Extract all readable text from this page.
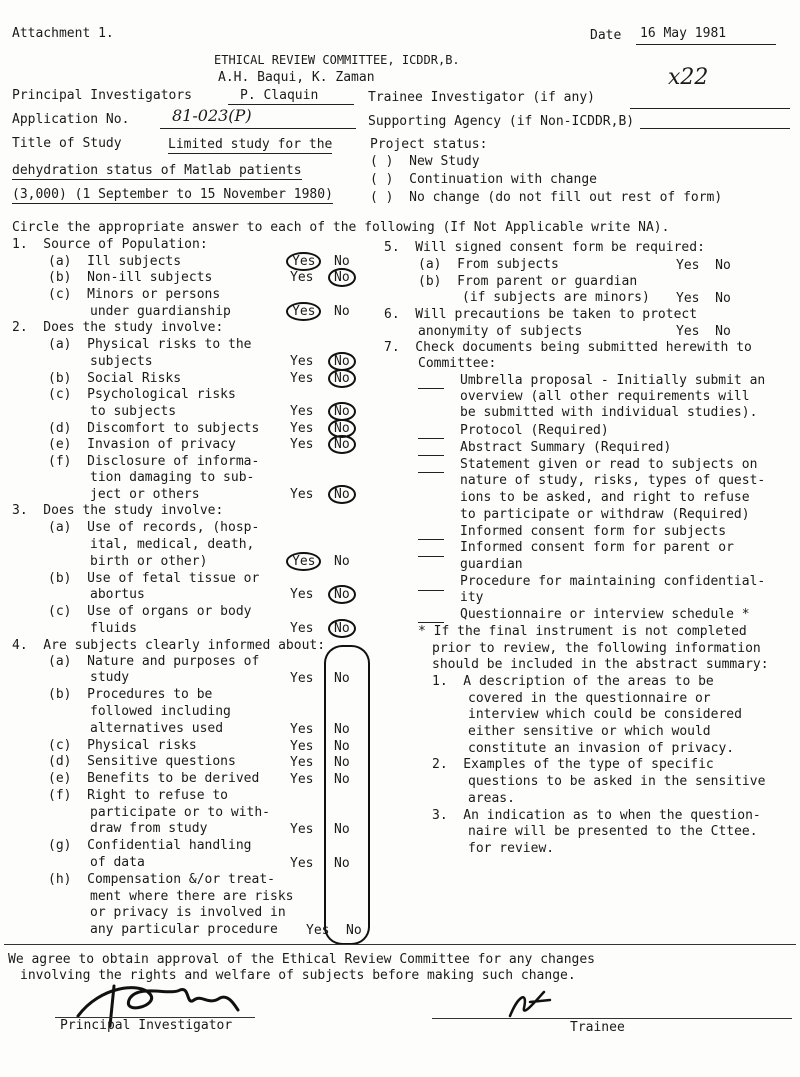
Attachment 1.	Date 16 May 1981
ETHICAL REVIEW COMMITTEE, ICDDR,B.
A.H. Baqui, K. Zaman
Principal Investigators	P. Claquin	Trainee Investigator (if any)
x22
Application No.	81-023(P)	Supporting Agency (if Non-ICDDR,B)
Title of Study	Limited study for the
dehydration status of Matlab patients
(3,000) (1 September to 15 November 1980)
Project status:
( )  New Study
( )  Continuation with change
( )  No change (do not fill out rest of form)
Circle the appropriate answer to each of the following (If Not Applicable write NA).
1.  Source of Population:
(a)  Ill subjects	Yes	No
(b)  Non-ill subjects	Yes No
(c)  Minors or persons
under guardianship	Yes	No
2.  Does the study involve:
(a)  Physical risks to the
subjects	Yes No
(b)  Social Risks	Yes No
(c)  Psychological risks
to subjects	Yes No
(d)  Discomfort to subjects Yes No
(e)  Invasion of privacy	Yes No
(f)  Disclosure of informa-
tion damaging to sub-
ject or others	Yes No
3.  Does the study involve:
(a)  Use of records, (hosp-
ital, medical, death,
birth or other)	Yes	No
(b)  Use of fetal tissue or
abortus	Yes No
(c)  Use of organs or body
fluids	Yes No
4.  Are subjects clearly informed about:
(a)  Nature and purposes of
study	Yes No
(b)  Procedures to be
followed including
alternatives used	Yes No
(c)  Physical risks	Yes No
(d)  Sensitive questions	Yes No
(e)  Benefits to be derived Yes No
(f)  Right to refuse to
participate or to with-
draw from study	Yes No
(g)  Confidential handling
of data	Yes No
(h)  Compensation &/or treat-
ment where there are risks
or privacy is involved in
any particular procedure Yes No
5.  Will signed consent form be required:
(a)  From subjects	Yes No
(b)  From parent or guardian
(if subjects are minors) Yes No
6.  Will precautions be taken to protect
anonymity of subjects	Yes No
7.  Check documents being submitted herewith to
Committee:
Umbrella proposal - Initially submit an
overview (all other requirements will
be submitted with individual studies).
Protocol (Required)
Abstract Summary (Required)
Statement given or read to subjects on
nature of study, risks, types of quest-
ions to be asked, and right to refuse
to participate or withdraw (Required)
Informed consent form for subjects
Informed consent form for parent or
guardian
Procedure for maintaining confidential-
ity
Questionnaire or interview schedule *
* If the final instrument is not completed
prior to review, the following information
should be included in the abstract summary:
1.  A description of the areas to be
covered in the questionnaire or
interview which could be considered
either sensitive or which would
constitute an invasion of privacy.
2.  Examples of the type of specific
questions to be asked in the sensitive
areas.
3.  An indication as to when the question-
naire will be presented to the Cttee.
for review.
We agree to obtain approval of the Ethical Review Committee for any changes
involving the rights and welfare of subjects before making such change.
Principal Investigator	Trainee
